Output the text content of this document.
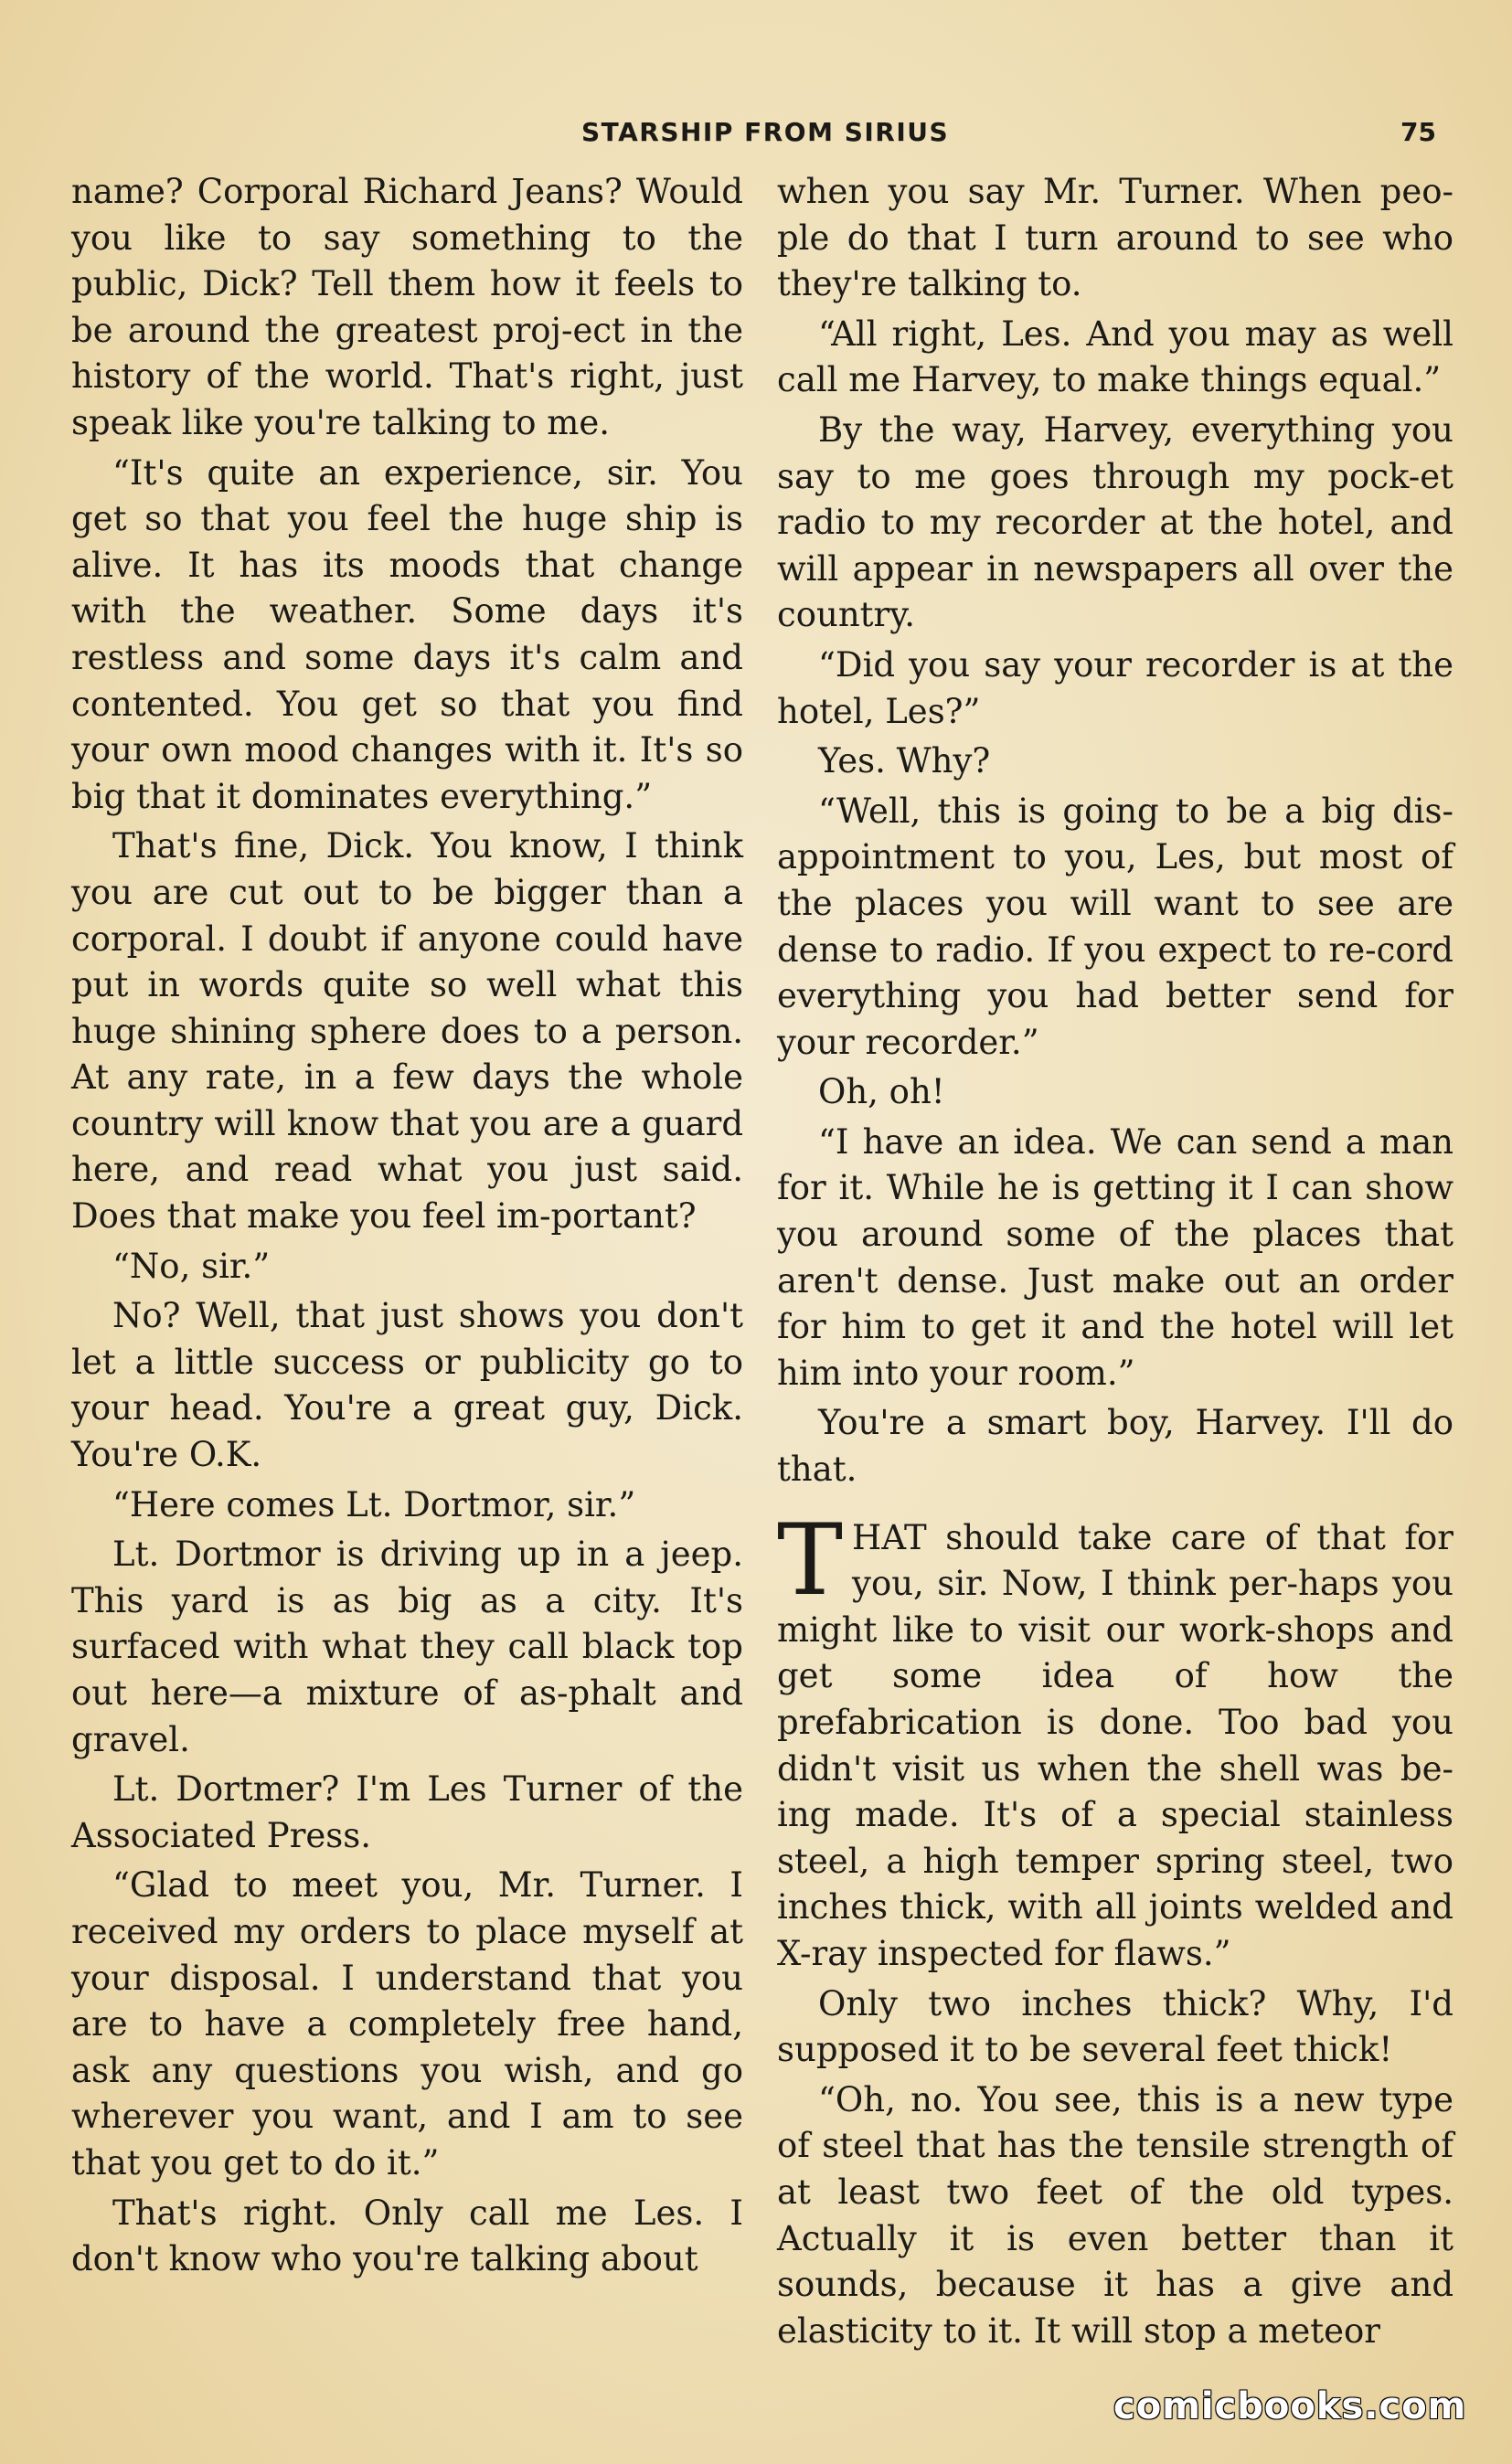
STARSHIP FROM SIRIUS	75

name? Corporal Richard Jeans? Would you like to say something to the public, Dick? Tell them how it feels to be around the greatest proj-ect in the history of the world. That's right, just speak like you're talking to me.

“It's quite an experience, sir. You get so that you feel the huge ship is alive. It has its moods that change with the weather. Some days it's restless and some days it's calm and contented. You get so that you find your own mood changes with it. It's so big that it dominates everything.”

That's fine, Dick. You know, I think you are cut out to be bigger than a corporal. I doubt if anyone could have put in words quite so well what this huge shining sphere does to a person. At any rate, in a few days the whole country will know that you are a guard here, and read what you just said. Does that make you feel im-portant?

“No, sir.”

No? Well, that just shows you don't let a little success or publicity go to your head. You're a great guy, Dick. You're O.K.

“Here comes Lt. Dortmor, sir.”

Lt. Dortmor is driving up in a jeep. This yard is as big as a city. It's surfaced with what they call black top out here—a mixture of as-phalt and gravel.

Lt. Dortmer? I'm Les Turner of the Associated Press.

“Glad to meet you, Mr. Turner. I received my orders to place myself at your disposal. I understand that you are to have a completely free hand, ask any questions you wish, and go wherever you want, and I am to see that you get to do it.”

That's right. Only call me Les. I don't know who you're talking about

when you say Mr. Turner. When peo-ple do that I turn around to see who they're talking to.

“All right, Les. And you may as well call me Harvey, to make things equal.”

By the way, Harvey, everything you say to me goes through my pock-et radio to my recorder at the hotel, and will appear in newspapers all over the country.

“Did you say your recorder is at the hotel, Les?”

Yes. Why?

“Well, this is going to be a big dis-appointment to you, Les, but most of the places you will want to see are dense to radio. If you expect to re-cord everything you had better send for your recorder.”

Oh, oh!

“I have an idea. We can send a man for it. While he is getting it I can show you around some of the places that aren't dense. Just make out an order for him to get it and the hotel will let him into your room.”

You're a smart boy, Harvey. I'll do that.

THAT should take care of that for you, sir. Now, I think per-haps you might like to visit our work-shops and get some idea of how the prefabrication is done. Too bad you didn't visit us when the shell was be-ing made. It's of a special stainless steel, a high temper spring steel, two inches thick, with all joints welded and X-ray inspected for flaws.”

Only two inches thick? Why, I'd supposed it to be several feet thick!

“Oh, no. You see, this is a new type of steel that has the tensile strength of at least two feet of the old types. Actually it is even better than it sounds, because it has a give and elasticity to it. It will stop a meteor

comicbooks.com
